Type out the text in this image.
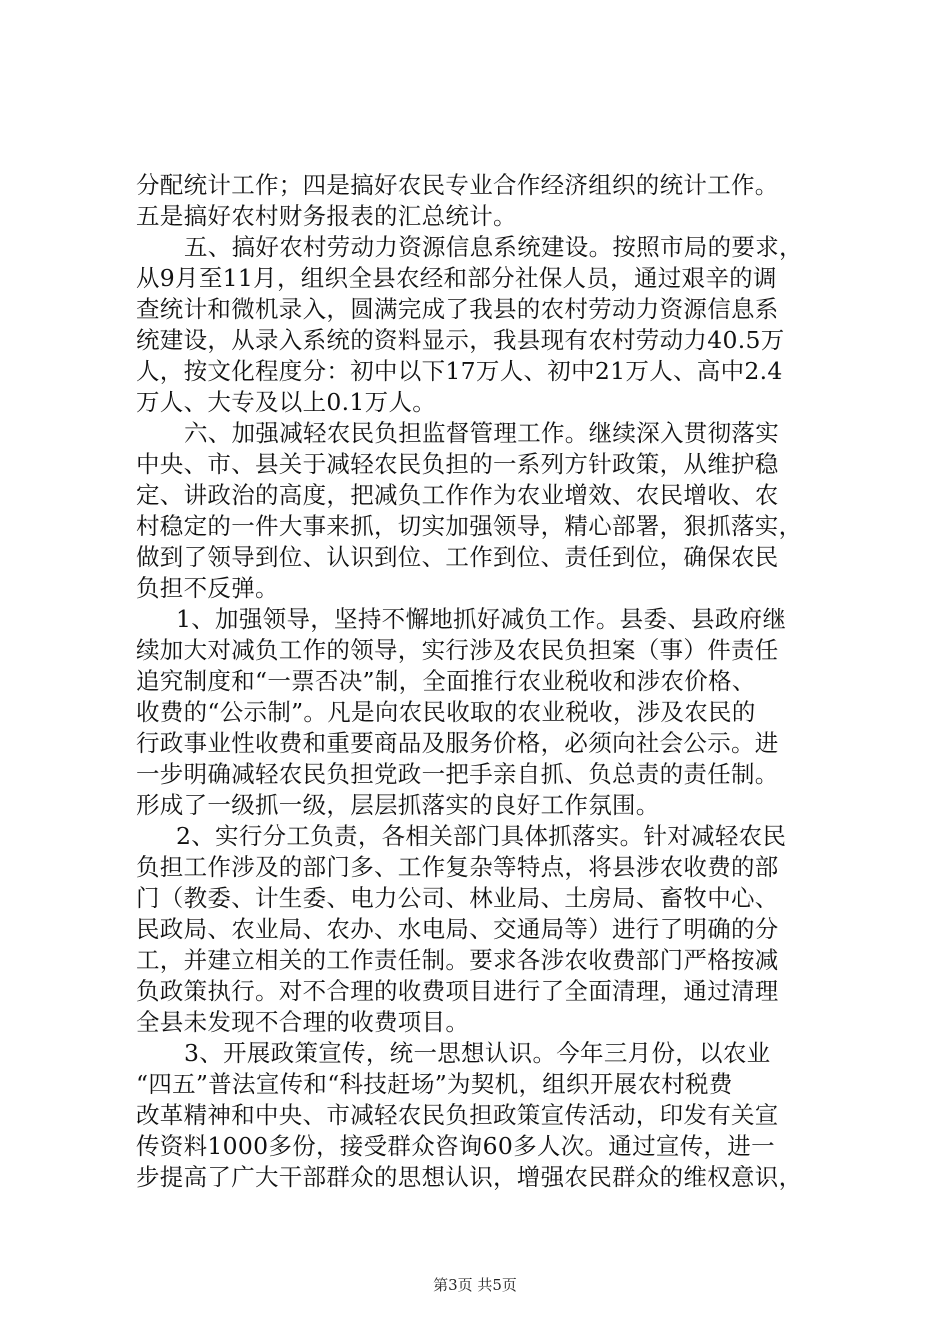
分配统计工作；四是搞好农民专业合作经济组织的统计工作。
五是搞好农村财务报表的汇总统计。
五、搞好农村劳动力资源信息系统建设。按照市局的要求，
从9月至11月，组织全县农经和部分社保人员，通过艰辛的调
查统计和微机录入，圆满完成了我县的农村劳动力资源信息系
统建设，从录入系统的资料显示，我县现有农村劳动力40.5万
人，按文化程度分：初中以下17万人、初中21万人、高中2.4
万人、大专及以上0.1万人。
六、加强减轻农民负担监督管理工作。继续深入贯彻落实
中央、市、县关于减轻农民负担的一系列方针政策，从维护稳
定、讲政治的高度，把减负工作作为农业增效、农民增收、农
村稳定的一件大事来抓，切实加强领导，精心部署，狠抓落实，
做到了领导到位、认识到位、工作到位、责任到位，确保农民
负担不反弹。
1、加强领导，坚持不懈地抓好减负工作。县委、县政府继
续加大对减负工作的领导，实行涉及农民负担案（事）件责任
追究制度和“一票否决”制，全面推行农业税收和涉农价格、
收费的“公示制”。凡是向农民收取的农业税收，涉及农民的
行政事业性收费和重要商品及服务价格，必须向社会公示。进
一步明确减轻农民负担党政一把手亲自抓、负总责的责任制。
形成了一级抓一级，层层抓落实的良好工作氛围。
2、实行分工负责，各相关部门具体抓落实。针对减轻农民
负担工作涉及的部门多、工作复杂等特点，将县涉农收费的部
门（教委、计生委、电力公司、林业局、土房局、畜牧中心、
民政局、农业局、农办、水电局、交通局等）进行了明确的分
工，并建立相关的工作责任制。要求各涉农收费部门严格按减
负政策执行。对不合理的收费项目进行了全面清理，通过清理
全县未发现不合理的收费项目。
3、开展政策宣传，统一思想认识。今年三月份，以农业
“四五”普法宣传和“科技赶场”为契机，组织开展农村税费
改革精神和中央、市减轻农民负担政策宣传活动，印发有关宣
传资料1000多份，接受群众咨询60多人次。通过宣传，进一
步提高了广大干部群众的思想认识，增强农民群众的维权意识，
第3页 共5页
